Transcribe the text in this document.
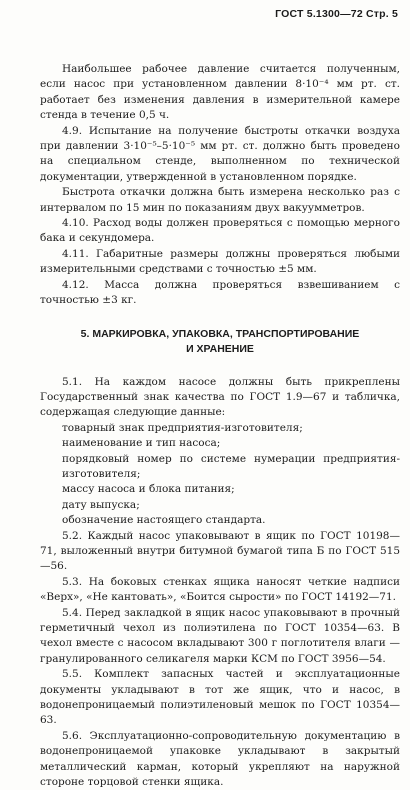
ГОСТ 5.1300—72 Стр. 5

Наибольшее рабочее давление считается полученным, если насос при установленном давлении 8·10⁻⁴ мм рт. ст. работает без изменения давления в измерительной камере стенда в течение 0,5 ч.

4.9. Испытание на получение быстроты откачки воздуха при давлении 3·10⁻⁵–5·10⁻⁵ мм рт. ст. должно быть проведено на специальном стенде, выполненном по технической документации, утвержденной в установленном порядке.

Быстрота откачки должна быть измерена несколько раз с интервалом по 15 мин по показаниям двух вакуумметров.

4.10. Расход воды должен проверяться с помощью мерного бака и секундомера.

4.11. Габаритные размеры должны проверяться любыми измерительными средствами с точностью ±5 мм.

4.12. Масса должна проверяться взвешиванием с точностью ±3 кг.

5. МАРКИРОВКА, УПАКОВКА, ТРАНСПОРТИРОВАНИЕ
И ХРАНЕНИЕ

5.1. На каждом насосе должны быть прикреплены Государственный знак качества по ГОСТ 1.9—67 и табличка, содержащая следующие данные:

товарный знак предприятия-изготовителя;

наименование и тип насоса;

порядковый номер по системе нумерации предприятия-изготовителя;

массу насоса и блока питания;

дату выпуска;

обозначение настоящего стандарта.

5.2. Каждый насос упаковывают в ящик по ГОСТ 10198—71, выложенный внутри битумной бумагой типа Б по ГОСТ 515—56.

5.3. На боковых стенках ящика наносят четкие надписи «Верх», «Не кантовать», «Боится сырости» по ГОСТ 14192—71.

5.4. Перед закладкой в ящик насос упаковывают в прочный герметичный чехол из полиэтилена по ГОСТ 10354—63. В чехол вместе с насосом вкладывают 300 г поглотителя влаги — гранулированного селикагеля марки КСМ по ГОСТ 3956—54.

5.5. Комплект запасных частей и эксплуатационные документы укладывают в тот же ящик, что и насос, в водонепроницаемый полиэтиленовый мешок по ГОСТ 10354—63.

5.6. Эксплуатационно-сопроводительную документацию в водонепроницаемой упаковке укладывают в закрытый металлический карман, который укрепляют на наружной стороне торцовой стенки ящика.
